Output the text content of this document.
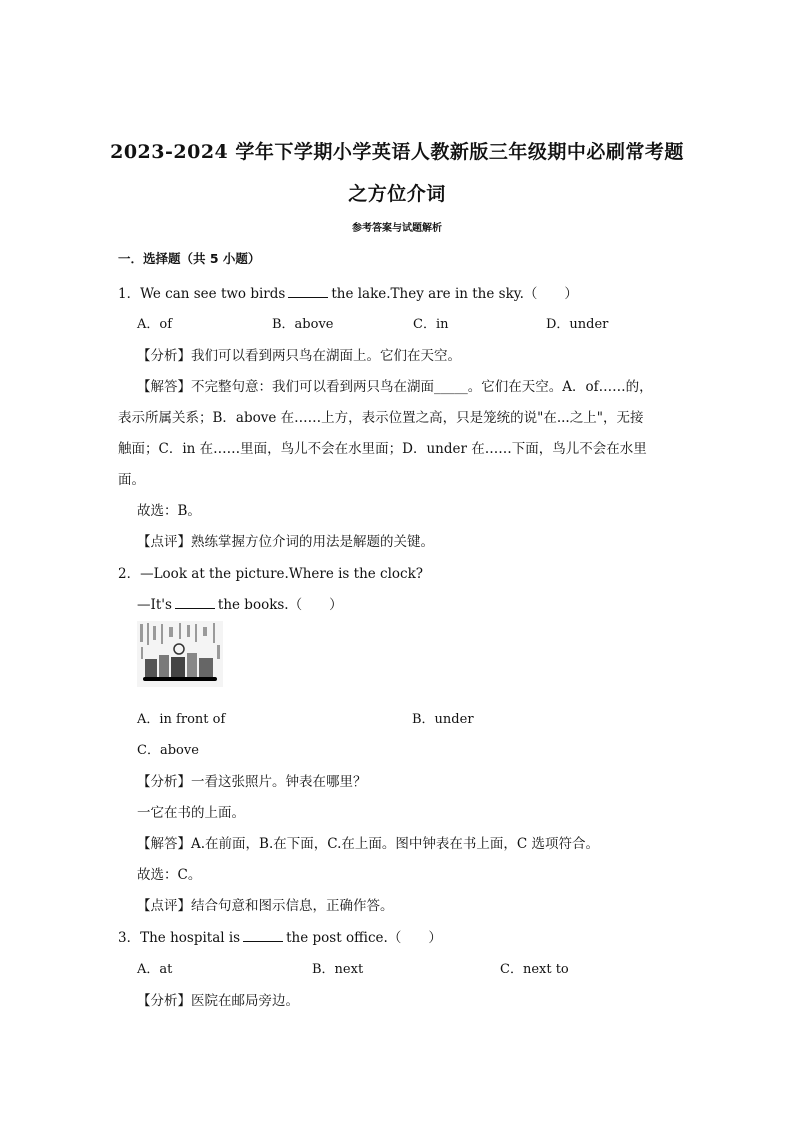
2023-2024 学年下学期小学英语人教新版三年级期中必刷常考题
之方位介词
参考答案与试题解析
一．选择题（共 5 小题）
1．We can see two birds	the lake.They are in the sky.（　　）
A．of	B．above	C．in	D．under
【分析】我们可以看到两只鸟在湖面上。它们在天空。
【解答】不完整句意：我们可以看到两只鸟在湖面_____。它们在天空。A．of……的，
表示所属关系；B．above 在……上方，表示位置之高，只是笼统的说"在...之上"，无接
触面；C．in 在……里面，鸟儿不会在水里面；D．under 在……下面，鸟儿不会在水里
面。
故选：B。
【点评】熟练掌握方位介词的用法是解题的关键。
2．—Look at the picture.Where is the clock?
—It's	the books.（　　）
A．in front of	B．under
C．above
【分析】一看这张照片。钟表在哪里？
一它在书的上面。
【解答】A.在前面，B.在下面，C.在上面。图中钟表在书上面，C 选项符合。
故选：C。
【点评】结合句意和图示信息，正确作答。
3．The hospital is	the post office.（　　）
A．at	B．next	C．next to
【分析】医院在邮局旁边。
